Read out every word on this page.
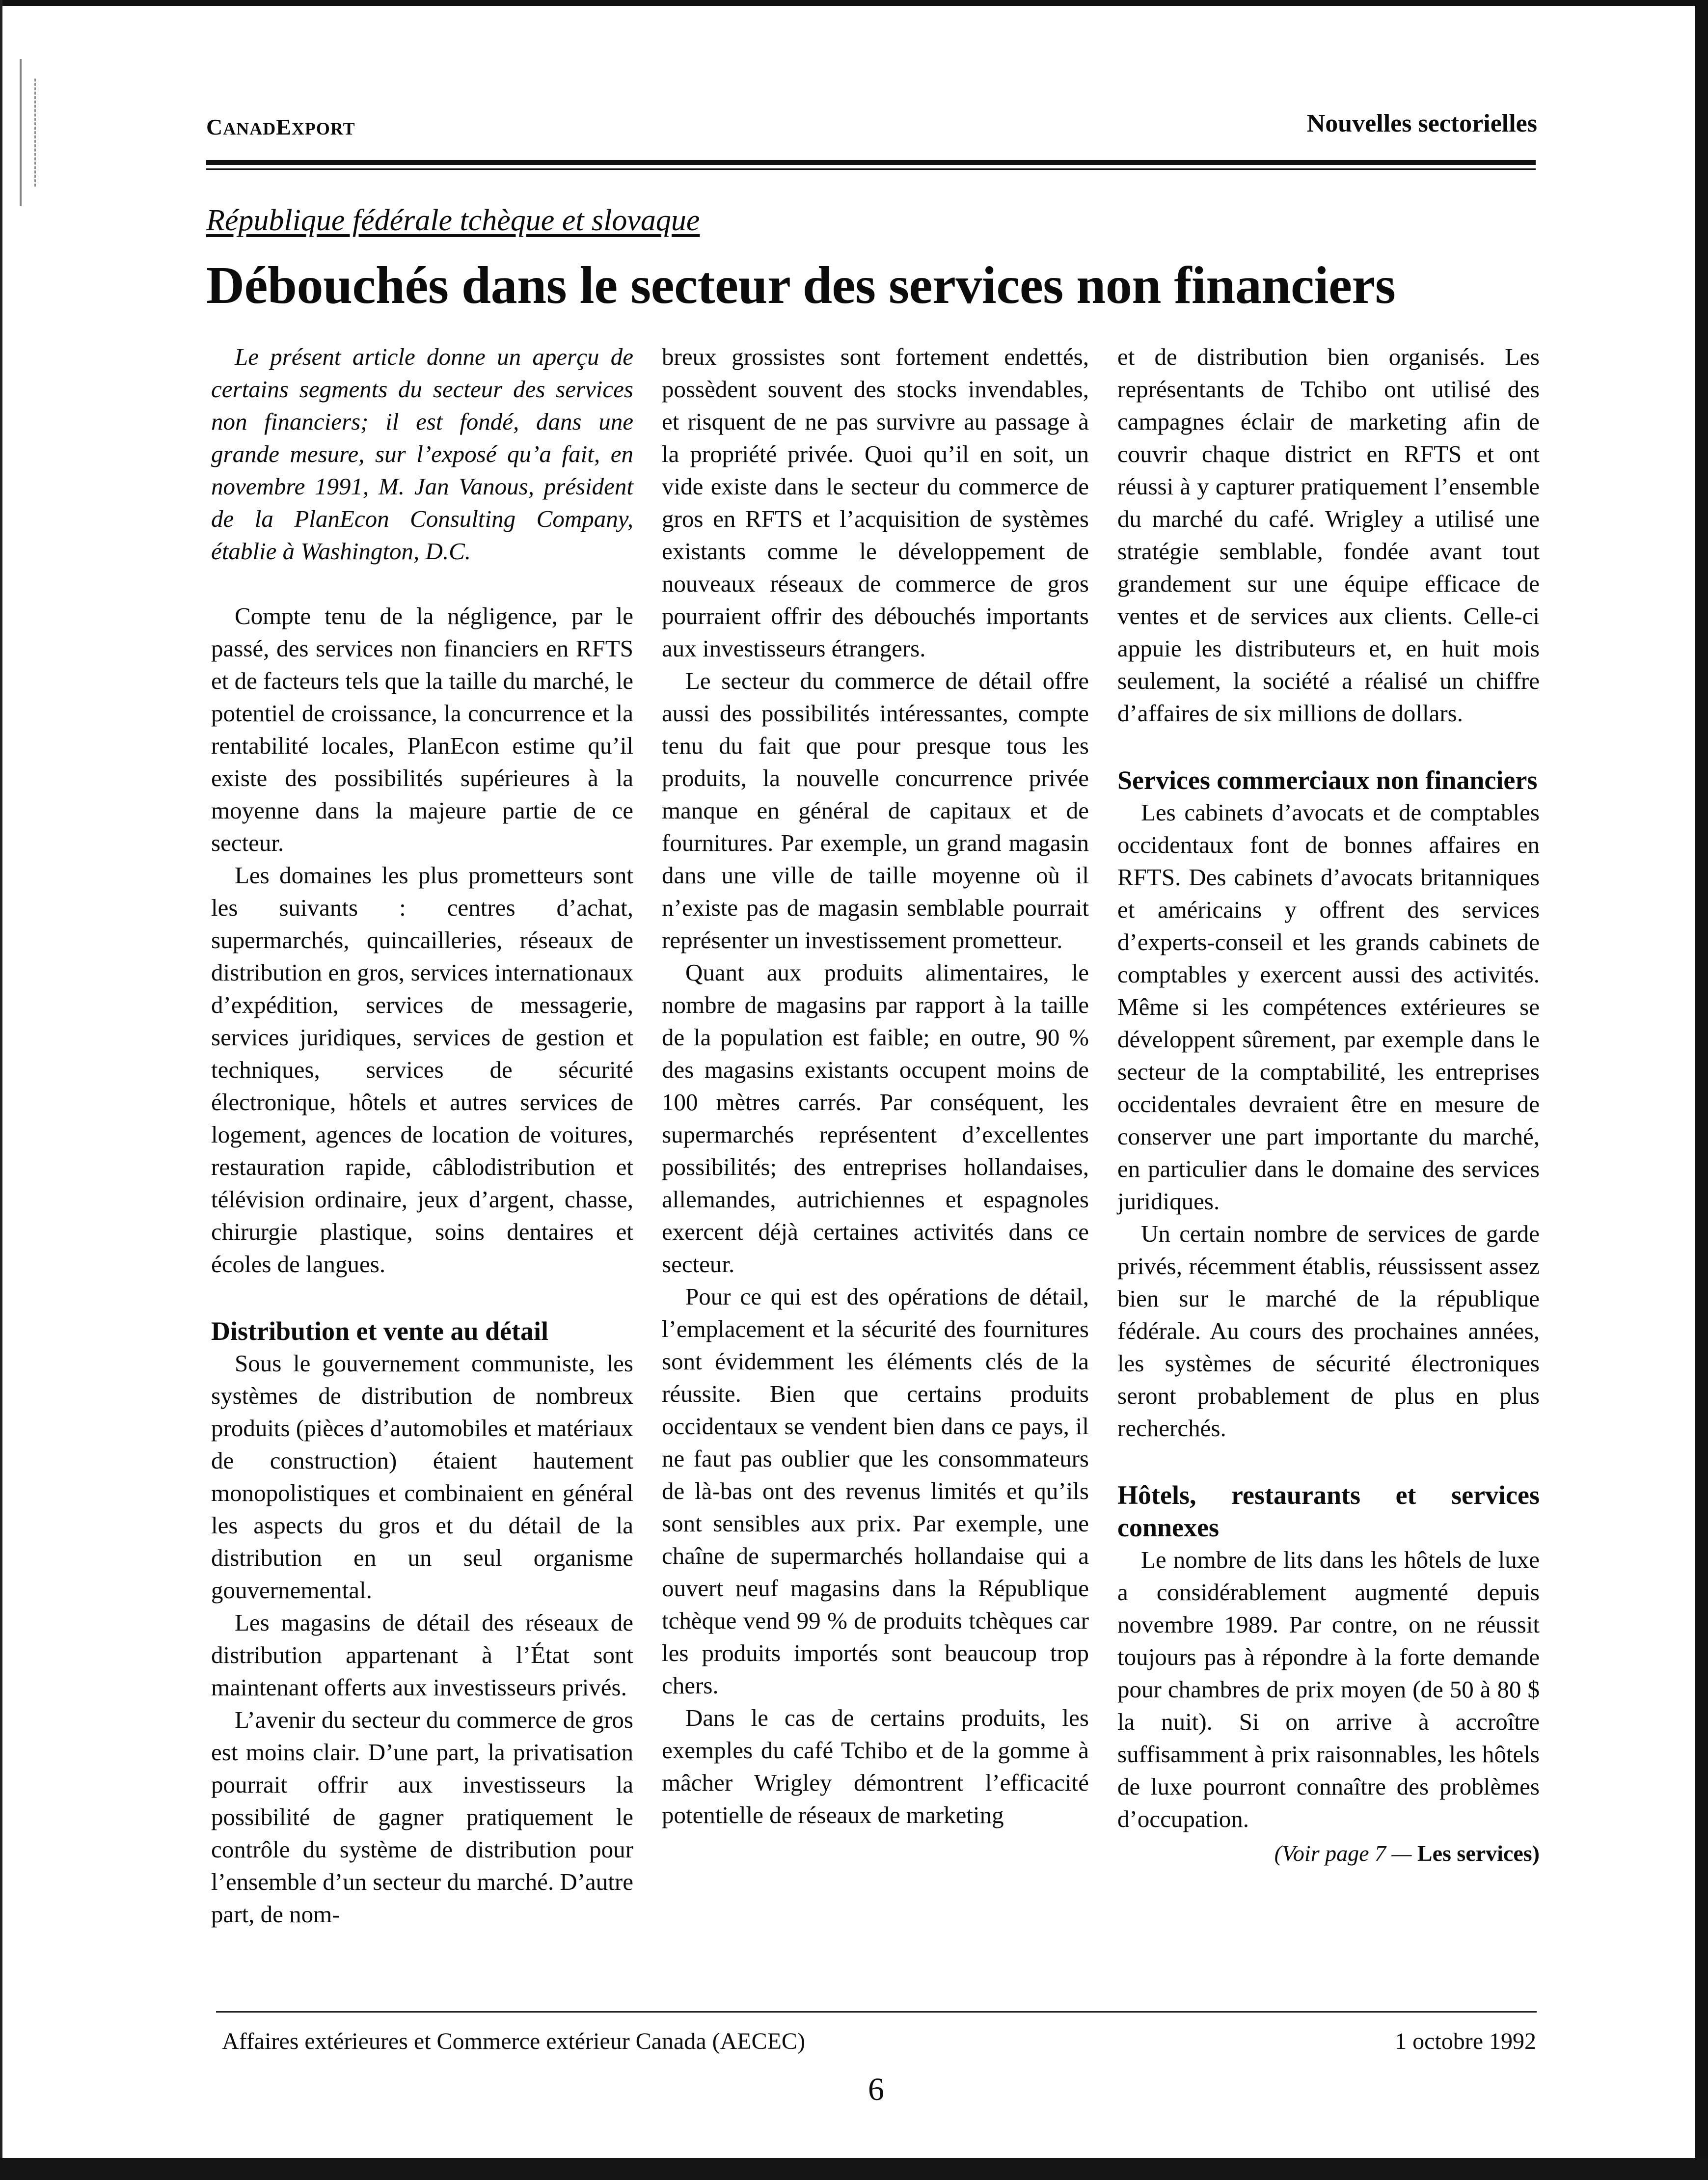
CANADEXPORT	Nouvelles sectorielles
République fédérale tchèque et slovaque
Débouchés dans le secteur des services non financiers

Le présent article donne un aperçu de certains segments du secteur des services non financiers; il est fondé, dans une grande mesure, sur l’exposé qu’a fait, en novembre 1991, M. Jan Vanous, président de la PlanEcon Consulting Company, établie à Washington, D.C.

Compte tenu de la négligence, par le passé, des services non financiers en RFTS et de facteurs tels que la taille du marché, le potentiel de croissance, la concurrence et la rentabilité locales, PlanEcon estime qu’il existe des possibilités supérieures à la moyenne dans la majeure partie de ce secteur.

Les domaines les plus prometteurs sont les suivants : centres d’achat, supermarchés, quincailleries, réseaux de distribution en gros, services internationaux d’expédition, services de messagerie, services juridiques, services de gestion et techniques, services de sécurité électronique, hôtels et autres services de logement, agences de location de voitures, restauration rapide, câblodistribution et télévision ordinaire, jeux d’argent, chasse, chirurgie plastique, soins dentaires et écoles de langues.

Distribution et vente au détail

Sous le gouvernement communiste, les systèmes de distribution de nombreux produits (pièces d’automobiles et matériaux de construction) étaient hautement monopolistiques et combinaient en général les aspects du gros et du détail de la distribution en un seul organisme gouvernemental.

Les magasins de détail des réseaux de distribution appartenant à l’État sont maintenant offerts aux investisseurs privés.

L’avenir du secteur du commerce de gros est moins clair. D’une part, la privatisation pourrait offrir aux investisseurs la possibilité de gagner pratiquement le contrôle du système de distribution pour l’ensemble d’un secteur du marché. D’autre part, de nom-

breux grossistes sont fortement endettés, possèdent souvent des stocks invendables, et risquent de ne pas survivre au passage à la propriété privée. Quoi qu’il en soit, un vide existe dans le secteur du commerce de gros en RFTS et l’acquisition de systèmes existants comme le développement de nouveaux réseaux de commerce de gros pourraient offrir des débouchés importants aux investisseurs étrangers.

Le secteur du commerce de détail offre aussi des possibilités intéressantes, compte tenu du fait que pour presque tous les produits, la nouvelle concurrence privée manque en général de capitaux et de fournitures. Par exemple, un grand magasin dans une ville de taille moyenne où il n’existe pas de magasin semblable pourrait représenter un investissement prometteur.

Quant aux produits alimentaires, le nombre de magasins par rapport à la taille de la population est faible; en outre, 90 % des magasins existants occupent moins de 100 mètres carrés. Par conséquent, les supermarchés représentent d’excellentes possibilités; des entreprises hollandaises, allemandes, autrichiennes et espagnoles exercent déjà certaines activités dans ce secteur.

Pour ce qui est des opérations de détail, l’emplacement et la sécurité des fournitures sont évidemment les éléments clés de la réussite. Bien que certains produits occidentaux se vendent bien dans ce pays, il ne faut pas oublier que les consommateurs de là-bas ont des revenus limités et qu’ils sont sensibles aux prix. Par exemple, une chaîne de supermarchés hollandaise qui a ouvert neuf magasins dans la République tchèque vend 99 % de produits tchèques car les produits importés sont beaucoup trop chers.

Dans le cas de certains produits, les exemples du café Tchibo et de la gomme à mâcher Wrigley démontrent l’efficacité potentielle de réseaux de marketing

et de distribution bien organisés. Les représentants de Tchibo ont utilisé des campagnes éclair de marketing afin de couvrir chaque district en RFTS et ont réussi à y capturer pratiquement l’ensemble du marché du café. Wrigley a utilisé une stratégie semblable, fondée avant tout grandement sur une équipe efficace de ventes et de services aux clients. Celle-ci appuie les distributeurs et, en huit mois seulement, la société a réalisé un chiffre d’affaires de six millions de dollars.

Services commerciaux non financiers

Les cabinets d’avocats et de comptables occidentaux font de bonnes affaires en RFTS. Des cabinets d’avocats britanniques et américains y offrent des services d’experts-conseil et les grands cabinets de comptables y exercent aussi des activités. Même si les compétences extérieures se développent sûrement, par exemple dans le secteur de la comptabilité, les entreprises occidentales devraient être en mesure de conserver une part importante du marché, en particulier dans le domaine des services juridiques.

Un certain nombre de services de garde privés, récemment établis, réussissent assez bien sur le marché de la république fédérale. Au cours des prochaines années, les systèmes de sécurité électroniques seront probablement de plus en plus recherchés.

Hôtels, restaurants et services connexes

Le nombre de lits dans les hôtels de luxe a considérablement augmenté depuis novembre 1989. Par contre, on ne réussit toujours pas à répondre à la forte demande pour chambres de prix moyen (de 50 à 80 $ la nuit). Si on arrive à accroître suffisamment à prix raisonnables, les hôtels de luxe pourront connaître des problèmes d’occupation.

(Voir page 7 — Les services)

Affaires extérieures et Commerce extérieur Canada (AECEC)	1 octobre 1992
6
